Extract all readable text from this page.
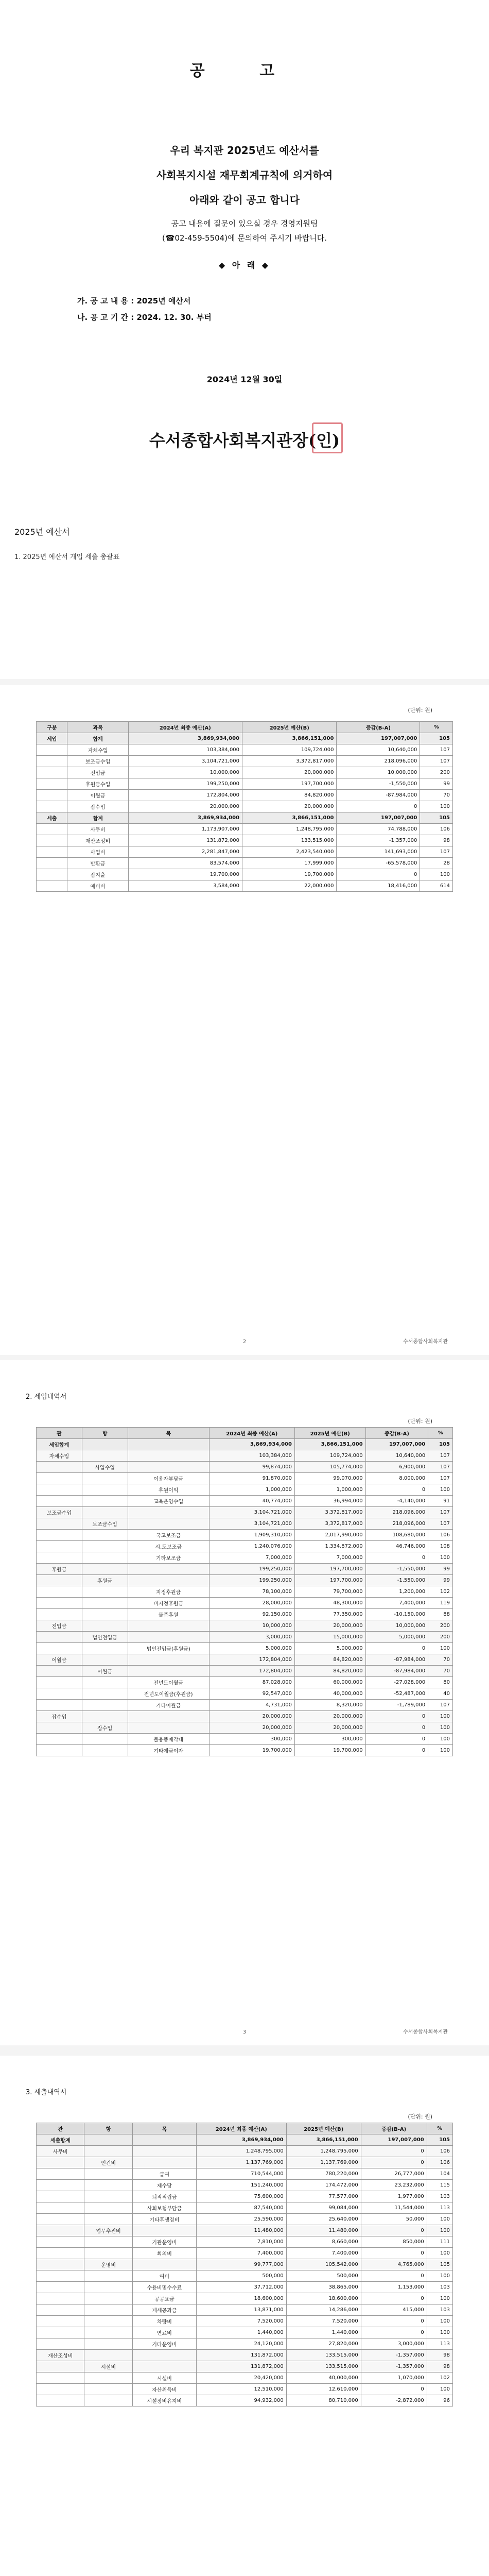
공 고
우리 복지관 2025년도 예산서를
사회복지시설 재무회계규칙에 의거하여
아래와 같이 공고 합니다
공고 내용에 질문이 있으실 경우 경영지원팀
(☎02-459-5504)에 문의하여 주시기 바랍니다.
◆ 아 래 ◆
가. 공 고 내 용 : 2025년 예산서
나. 공 고 기 간 : 2024. 12. 30. 부터
2024년 12월 30일
수서종합사회복지관장(인)
2025년 예산서
1. 2025년 예산서 개입 세출 총괄표
(단위: 원)
구분	과목	2024년 최종 예산(A)	2025년 예산(B)	증감(B-A)	%
세입	합계	3,869,934,000	3,866,151,000	197,007,000	105
	자체수입	103,384,000	109,724,000	10,640,000	107
	보조금수입	3,104,721,000	3,372,817,000	218,096,000	107
	전입금	10,000,000	20,000,000	10,000,000	200
	후원금수입	199,250,000	197,700,000	-1,550,000	99
	이월금	172,804,000	84,820,000	-87,984,000	70
	잡수입	20,000,000	20,000,000	0	100
세출	합계	3,869,934,000	3,866,151,000	197,007,000	105
	사무비	1,173,907,000	1,248,795,000	74,788,000	106
	재산조성비	131,872,000	133,515,000	-1,357,000	98
	사업비	2,281,847,000	2,423,540,000	141,693,000	107
	반환금	83,574,000	17,999,000	-65,578,000	28
	잡지출	19,700,000	19,700,000	0	100
	예비비	3,584,000	22,000,000	18,416,000	614
2	수서종합사회복지관
2. 세입내역서
(단위: 원)
관	항	목	2024년 최종 예산(A)	2025년 예산(B)	증감(B-A)	%
세입합계			3,869,934,000	3,866,151,000	197,007,000	105
자체수입			103,384,000	109,724,000	10,640,000	107
	사업수입		99,874,000	105,774,000	6,900,000	107
		이용자부담금	91,870,000	99,070,000	8,000,000	107
		후원이익	1,000,000	1,000,000	0	100
		교육운영수입	40,774,000	36,994,000	-4,140,000	91
보조금수입			3,104,721,000	3,372,817,000	218,096,000	107
	보조금수입		3,104,721,000	3,372,817,000	218,096,000	107
		국고보조금	1,909,310,000	2,017,990,000	108,680,000	106
		시.도보조금	1,240,076,000	1,334,872,000	46,746,000	108
		기타보조금	7,000,000	7,000,000	0	100
후원금			199,250,000	197,700,000	-1,550,000	99
	후원금		199,250,000	197,700,000	-1,550,000	99
		지정후원금	78,100,000	79,700,000	1,200,000	102
		비지정후원금	28,000,000	48,300,000	7,400,000	119
		물품후원	92,150,000	77,350,000	-10,150,000	88
전입금			10,000,000	20,000,000	10,000,000	200
	법인전입금		3,000,000	15,000,000	5,000,000	200
		법인전입금(후원금)	5,000,000	5,000,000	0	100
이월금			172,804,000	84,820,000	-87,984,000	70
	이월금		172,804,000	84,820,000	-87,984,000	70
		전년도이월금	87,028,000	60,000,000	-27,028,000	80
		전년도이월금(후원금)	92,547,000	40,000,000	-52,487,000	40
		기타이월금	4,731,000	8,320,000	-1,789,000	107
잡수입			20,000,000	20,000,000	0	100
	잡수입		20,000,000	20,000,000	0	100
		불용품매각대	300,000	300,000	0	100
		기타예금이자	19,700,000	19,700,000	0	100
3	수서종합사회복지관
3. 세출내역서
(단위: 원)
관	항	목	2024년 최종 예산(A)	2025년 예산(B)	증감(B-A)	%
세출합계			3,869,934,000	3,866,151,000	197,007,000	105
사무비			1,248,795,000	1,248,795,000	0	106
	인건비		1,137,769,000	1,137,769,000	0	106
		급여	710,544,000	780,220,000	26,777,000	104
		제수당	151,240,000	174,472,000	23,232,000	115
		퇴직적립금	75,600,000	77,577,000	1,977,000	103
		사회보험부담금	87,540,000	99,084,000	11,544,000	113
		기타후생경비	25,590,000	25,640,000	50,000	100
	업무추진비		11,480,000	11,480,000	0	100
		기관운영비	7,810,000	8,660,000	850,000	111
		회의비	7,400,000	7,400,000	0	100
	운영비		99,777,000	105,542,000	4,765,000	105
		여비	500,000	500,000	0	100
		수용비및수수료	37,712,000	38,865,000	1,153,000	103
		공공요금	18,600,000	18,600,000	0	100
		제세공과금	13,871,000	14,286,000	415,000	103
		차량비	7,520,000	7,520,000	0	100
		연료비	1,440,000	1,440,000	0	100
		기타운영비	24,120,000	27,820,000	3,000,000	113
재산조성비			131,872,000	133,515,000	-1,357,000	98
	시설비		131,872,000	133,515,000	-1,357,000	98
		시설비	20,420,000	40,000,000	1,070,000	102
		자산취득비	12,510,000	12,610,000	0	100
		시설장비유지비	94,932,000	80,710,000	-2,872,000	96
